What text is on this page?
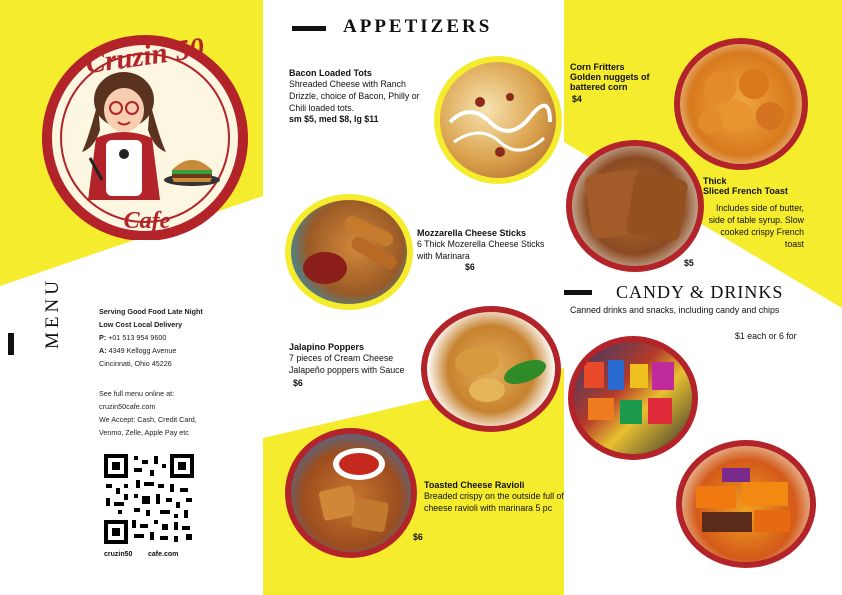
Cruzin'50
Cafe
MENU	Serving Good Food Late Night
Low Cost Local Delivery
P: +01 513 954 9600
A: 4349 Kellogg Avenue
Cincinnati, Ohio 45226
See full menu online at:
cruzin50cafe.com
We Accept: Cash, Credit Card,
Venmo, Zelle, Apple Pay etc
cruzin50 cafe.com
APPETIZERS
Bacon Loaded Tots
Shreaded Cheese with Ranch Drizzle, choice of Bacon, Philly or Chili loaded tots.
sm $5, med $8, lg $11
Mozzarella Cheese Sticks
6 Thick Mozerella Cheese Sticks with Marinara
$6
Jalapino Poppers
7 pieces of Cream Cheese Jalapeño poppers with Sauce
$6
Toasted Cheese Ravioli
Breaded crispy on the outside full of cheese ravioli with marinara 5 pc
$6
Corn Fritters
Golden nuggets of battered corn
$4
Thick
Sliced French Toast
Includes side of butter, side of table syrup. Slow cooked crispy French toast
$5
CANDY & DRINKS
Canned drinks and snacks, including candy and chips
$1 each or 6 for
